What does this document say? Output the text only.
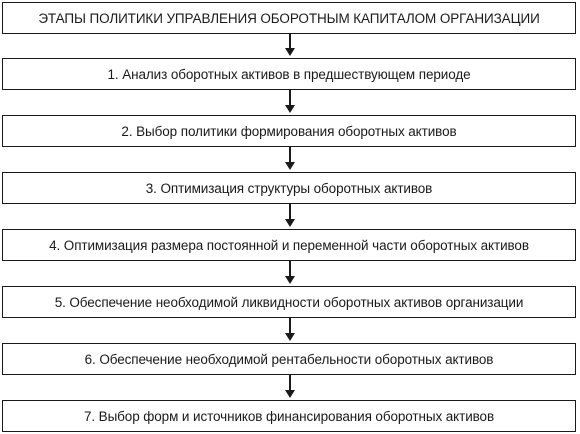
ЭТАПЫ ПОЛИТИКИ УПРАВЛЕНИЯ ОБОРОТНЫМ КАПИТАЛОМ ОРГАНИЗАЦИИ
1. Анализ оборотных активов в предшествующем периоде
2. Выбор политики формирования оборотных активов
3. Оптимизация структуры оборотных активов
4. Оптимизация размера постоянной и переменной части оборотных активов
5. Обеспечение необходимой ликвидности оборотных активов организации
6. Обеспечение необходимой рентабельности оборотных активов
7. Выбор форм и источников финансирования оборотных активов
